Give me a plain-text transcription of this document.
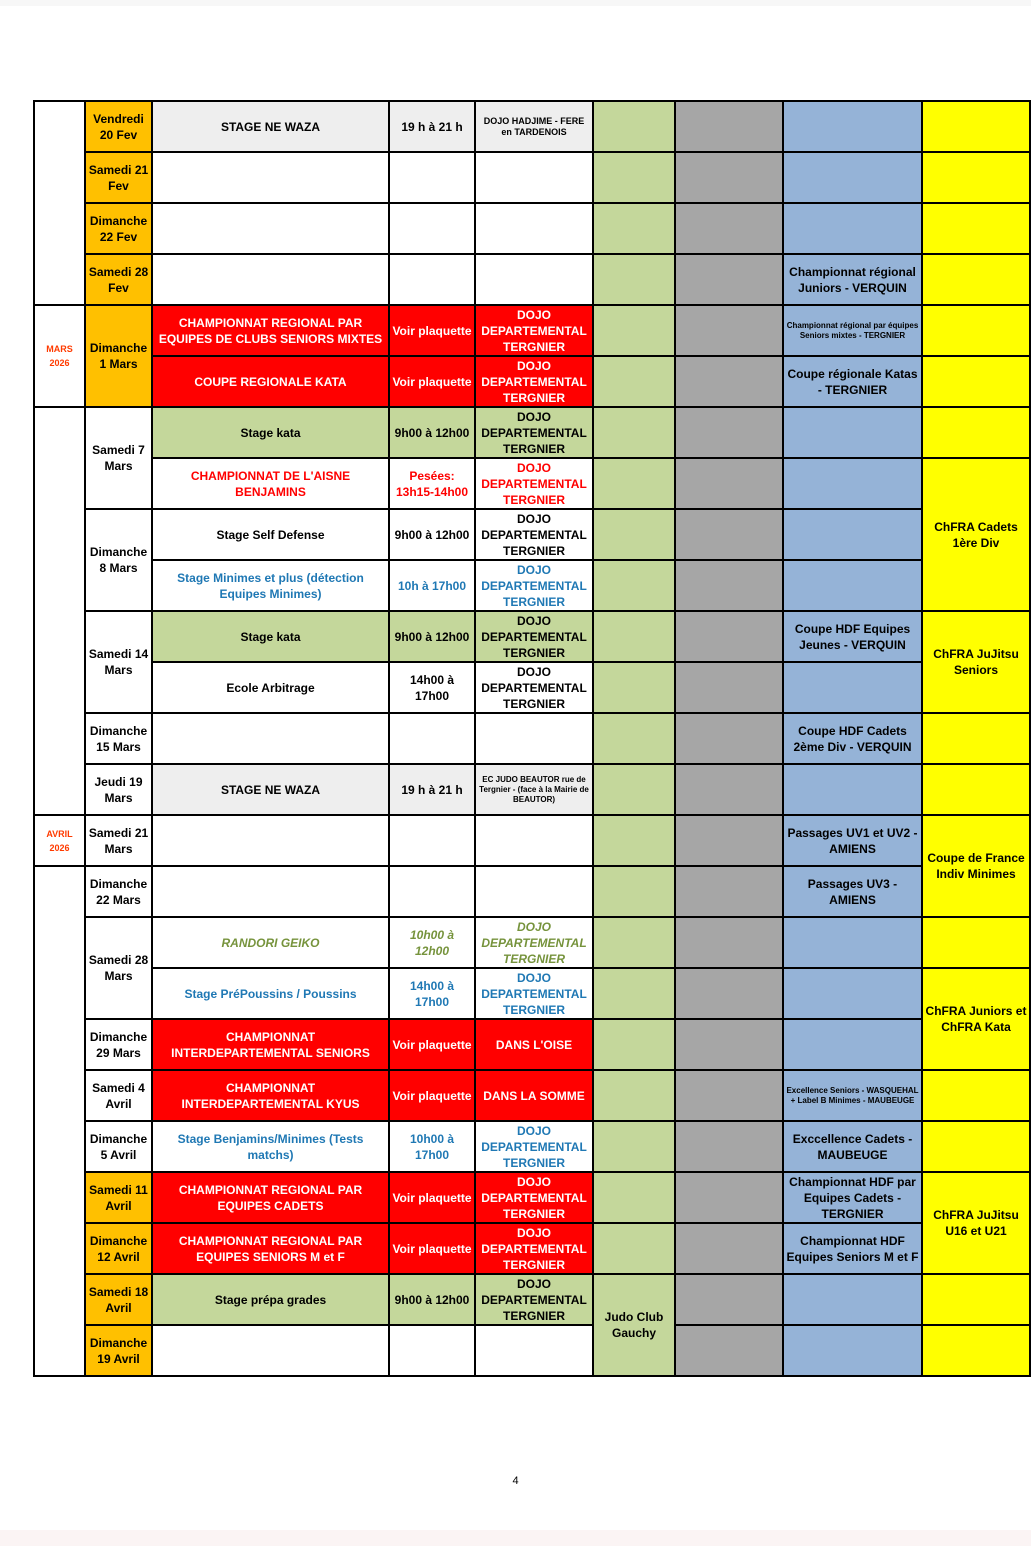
	Vendredi 20 Fev	STAGE NE WAZA	19 h à 21 h	DOJO HADJIME - FERE en TARDENOIS				
	Samedi 21 Fev							
	Dimanche 22 Fev							
	Samedi 28 Fev						Championnat régional Juniors - VERQUIN	
MARS 2026	Dimanche 1 Mars	CHAMPIONNAT REGIONAL PAR EQUIPES DE CLUBS SENIORS MIXTES	Voir plaquette	DOJO DEPARTEMENTAL TERGNIER			Championnat régional par équipes Seniors mixtes - TERGNIER	
		COUPE REGIONALE KATA	Voir plaquette	DOJO DEPARTEMENTAL TERGNIER			Coupe régionale Katas - TERGNIER	
	Samedi 7 Mars	Stage kata	9h00 à 12h00	DOJO DEPARTEMENTAL TERGNIER				
		CHAMPIONNAT DE L'AISNE BENJAMINS	Pesées: 13h15-14h00	DOJO DEPARTEMENTAL TERGNIER				ChFRA Cadets 1ère Div
	Dimanche 8 Mars	Stage Self Defense	9h00 à 12h00	DOJO DEPARTEMENTAL TERGNIER				
		Stage Minimes et plus (détection Equipes Minimes)	10h à 17h00	DOJO DEPARTEMENTAL TERGNIER				
	Samedi 14 Mars	Stage kata	9h00 à 12h00	DOJO DEPARTEMENTAL TERGNIER			Coupe HDF Equipes Jeunes - VERQUIN	ChFRA JuJitsu Seniors
		Ecole Arbitrage	14h00 à 17h00	DOJO DEPARTEMENTAL TERGNIER				
	Dimanche 15 Mars						Coupe HDF Cadets 2ème Div - VERQUIN	
	Jeudi 19 Mars	STAGE NE WAZA	19 h à 21 h	EC JUDO BEAUTOR rue de Tergnier - (face à la Mairie de BEAUTOR)				
AVRIL 2026	Samedi 21 Mars						Passages UV1 et UV2 - AMIENS	Coupe de France Indiv Minimes
	Dimanche 22 Mars						Passages UV3 - AMIENS	
	Samedi 28 Mars	RANDORI GEIKO	10h00 à 12h00	DOJO DEPARTEMENTAL TERGNIER				
		Stage PréPoussins / Poussins	14h00 à 17h00	DOJO DEPARTEMENTAL TERGNIER				ChFRA Juniors et ChFRA Kata
	Dimanche 29 Mars	CHAMPIONNAT INTERDEPARTEMENTAL SENIORS	Voir plaquette	DANS L'OISE				
	Samedi 4 Avril	CHAMPIONNAT INTERDEPARTEMENTAL KYUS	Voir plaquette	DANS LA SOMME			Excellence Seniors - WASQUEHAL + Label B Minimes - MAUBEUGE	
	Dimanche 5 Avril	Stage Benjamins/Minimes (Tests matchs)	10h00 à 17h00	DOJO DEPARTEMENTAL TERGNIER			Exccellence Cadets - MAUBEUGE	
	Samedi 11 Avril	CHAMPIONNAT REGIONAL PAR EQUIPES CADETS	Voir plaquette	DOJO DEPARTEMENTAL TERGNIER			Championnat HDF par Equipes Cadets - TERGNIER	ChFRA JuJitsu U16 et U21
	Dimanche 12 Avril	CHAMPIONNAT REGIONAL PAR EQUIPES SENIORS M et F	Voir plaquette	DOJO DEPARTEMENTAL TERGNIER			Championnat HDF Equipes Seniors M et F	
	Samedi 18 Avril	Stage prépa grades	9h00 à 12h00	DOJO DEPARTEMENTAL TERGNIER	Judo Club Gauchy			
	Dimanche 19 Avril							
4
